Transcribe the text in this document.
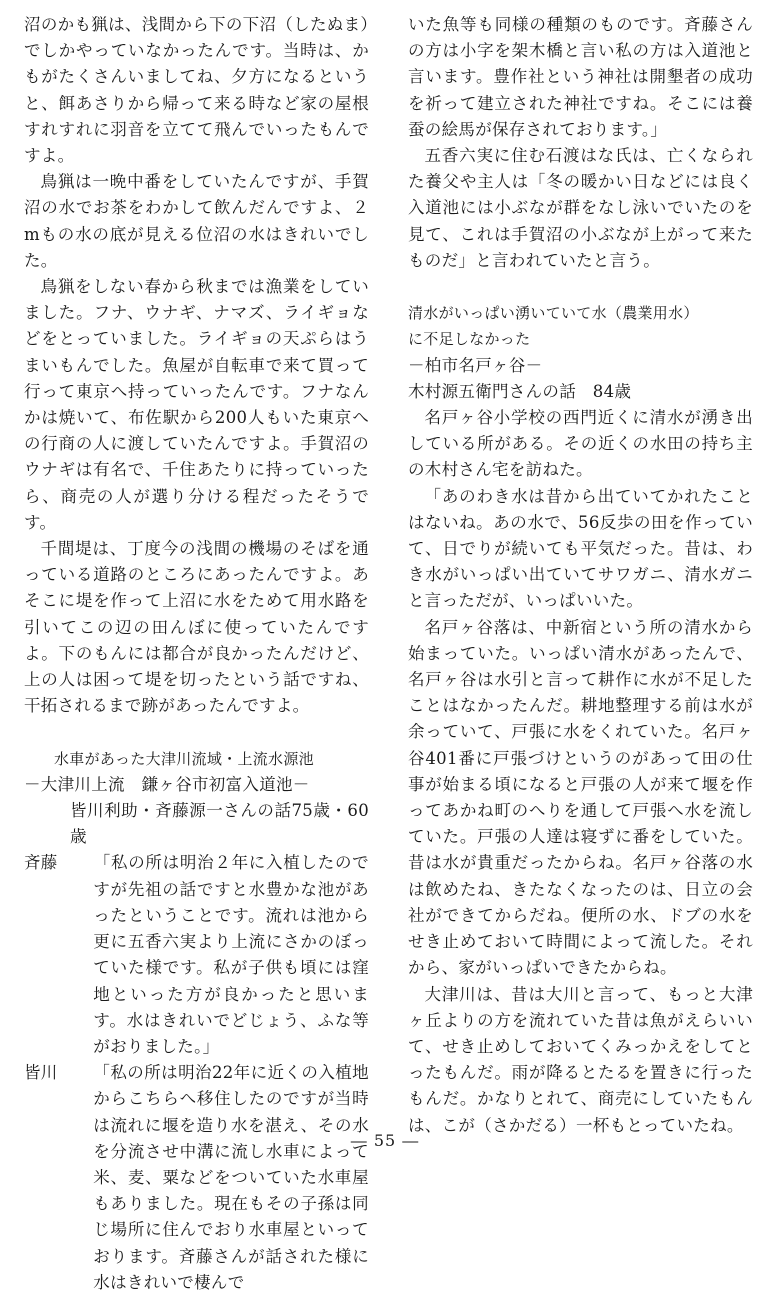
沼のかも猟は、浅間から下の下沼（したぬま）でしかやっていなかったんです。当時は、かもがたくさんいましてね、夕方になるというと、餌あさりから帰って来る時など家の屋根すれすれに羽音を立てて飛んでいったもんですよ。

鳥猟は一晩中番をしていたんですが、手賀沼の水でお茶をわかして飲んだんですよ、２mもの水の底が見える位沼の水はきれいでした。

鳥猟をしない春から秋までは漁業をしていました。フナ、ウナギ、ナマズ、ライギョなどをとっていました。ライギョの天ぷらはうまいもんでした。魚屋が自転車で来て買って行って東京へ持っていったんです。フナなんかは焼いて、布佐駅から200人もいた東京への行商の人に渡していたんですよ。手賀沼のウナギは有名で、千住あたりに持っていったら、商売の人が選り分ける程だったそうです。

千間堤は、丁度今の浅間の機場のそばを通っている道路のところにあったんですよ。あそこに堤を作って上沼に水をためて用水路を引いてこの辺の田んぼに使っていたんですよ。下のもんには都合が良かったんだけど、上の人は困って堤を切ったという話ですね、干拓されるまで跡があったんですよ。

水車があった大津川流域・上流水源池

－大津川上流　鎌ヶ谷市初富入道池－

皆川利助・斉藤源一さんの話75歳・60歳

斉藤 「私の所は明治２年に入植したのですが先祖の話ですと水豊かな池があったということです。流れは池から更に五香六実より上流にさかのぼっていた様です。私が子供も頃には窪地といった方が良かったと思います。水はきれいでどじょう、ふな等がおりました。」

皆川 「私の所は明治22年に近くの入植地からこちらへ移住したのですが当時は流れに堰を造り水を湛え、その水を分流させ中溝に流し水車によって米、麦、粟などをついていた水車屋もありました。現在もその子孫は同じ場所に住んでおり水車屋といっております。斉藤さんが話された様に水はきれいで棲んで

いた魚等も同様の種類のものです。斉藤さんの方は小字を架木橋と言い私の方は入道池と言います。豊作社という神社は開墾者の成功を祈って建立された神社ですね。そこには養蚕の絵馬が保存されております。」

五香六実に住む石渡はな氏は、亡くなられた養父や主人は「冬の暖かい日などには良く入道池には小ぶなが群をなし泳いでいたのを見て、これは手賀沼の小ぶなが上がって来たものだ」と言われていたと言う。

清水がいっぱい湧いていて水（農業用水）

に不足しなかった

－柏市名戸ヶ谷－

木村源五衛門さんの話　84歳

名戸ヶ谷小学校の西門近くに清水が湧き出している所がある。その近くの水田の持ち主の木村さん宅を訪ねた。

「あのわき水は昔から出ていてかれたことはないね。あの水で、56反歩の田を作っていて、日でりが続いても平気だった。昔は、わき水がいっぱい出ていてサワガニ、清水ガニと言っただが、いっぱいいた。

名戸ヶ谷落は、中新宿という所の清水から始まっていた。いっぱい清水があったんで、名戸ヶ谷は水引と言って耕作に水が不足したことはなかったんだ。耕地整理する前は水が余っていて、戸張に水をくれていた。名戸ヶ谷401番に戸張づけというのがあって田の仕事が始まる頃になると戸張の人が来て堰を作ってあかね町のへりを通して戸張へ水を流していた。戸張の人達は寝ずに番をしていた。昔は水が貴重だったからね。名戸ヶ谷落の水は飲めたね、きたなくなったのは、日立の会社ができてからだね。便所の水、ドブの水をせき止めておいて時間によって流した。それから、家がいっぱいできたからね。

大津川は、昔は大川と言って、もっと大津ヶ丘よりの方を流れていた昔は魚がえらいいて、せき止めしておいてくみっかえをしてとったもんだ。雨が降るとたるを置きに行ったもんだ。かなりとれて、商売にしていたもんは、こが（さかだる）一杯もとっていたね。

― 55 ―
